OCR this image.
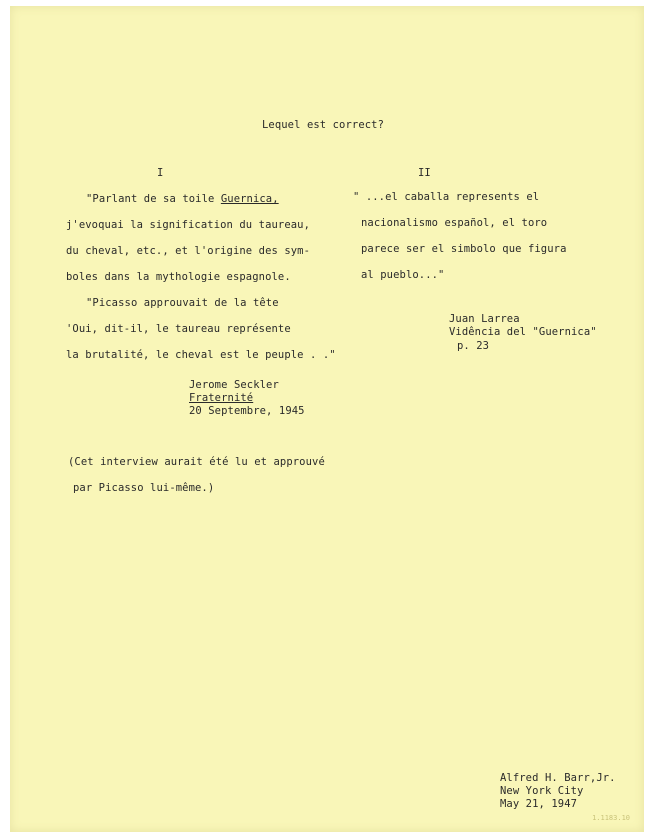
Lequel est correct?
I
"Parlant de sa toile Guernica,
j'evoquai la signification du taureau,
du cheval, etc., et l'origine des sym-
boles dans la mythologie espagnole.
"Picasso approuvait de la tête
'Oui, dit-il, le taureau représente
la brutalité, le cheval est le peuple . ."
Jerome Seckler
Fraternité
20 Septembre, 1945
(Cet interview aurait été lu et approuvé
par Picasso lui-même.)
II
" ...el caballa represents el
nacionalismo español, el toro
parece ser el simbolo que figura
al pueblo..."
Juan Larrea
Vidência del "Guernica"
p. 23
Alfred H. Barr,Jr.
New York City
May 21, 1947
1.1183.10
